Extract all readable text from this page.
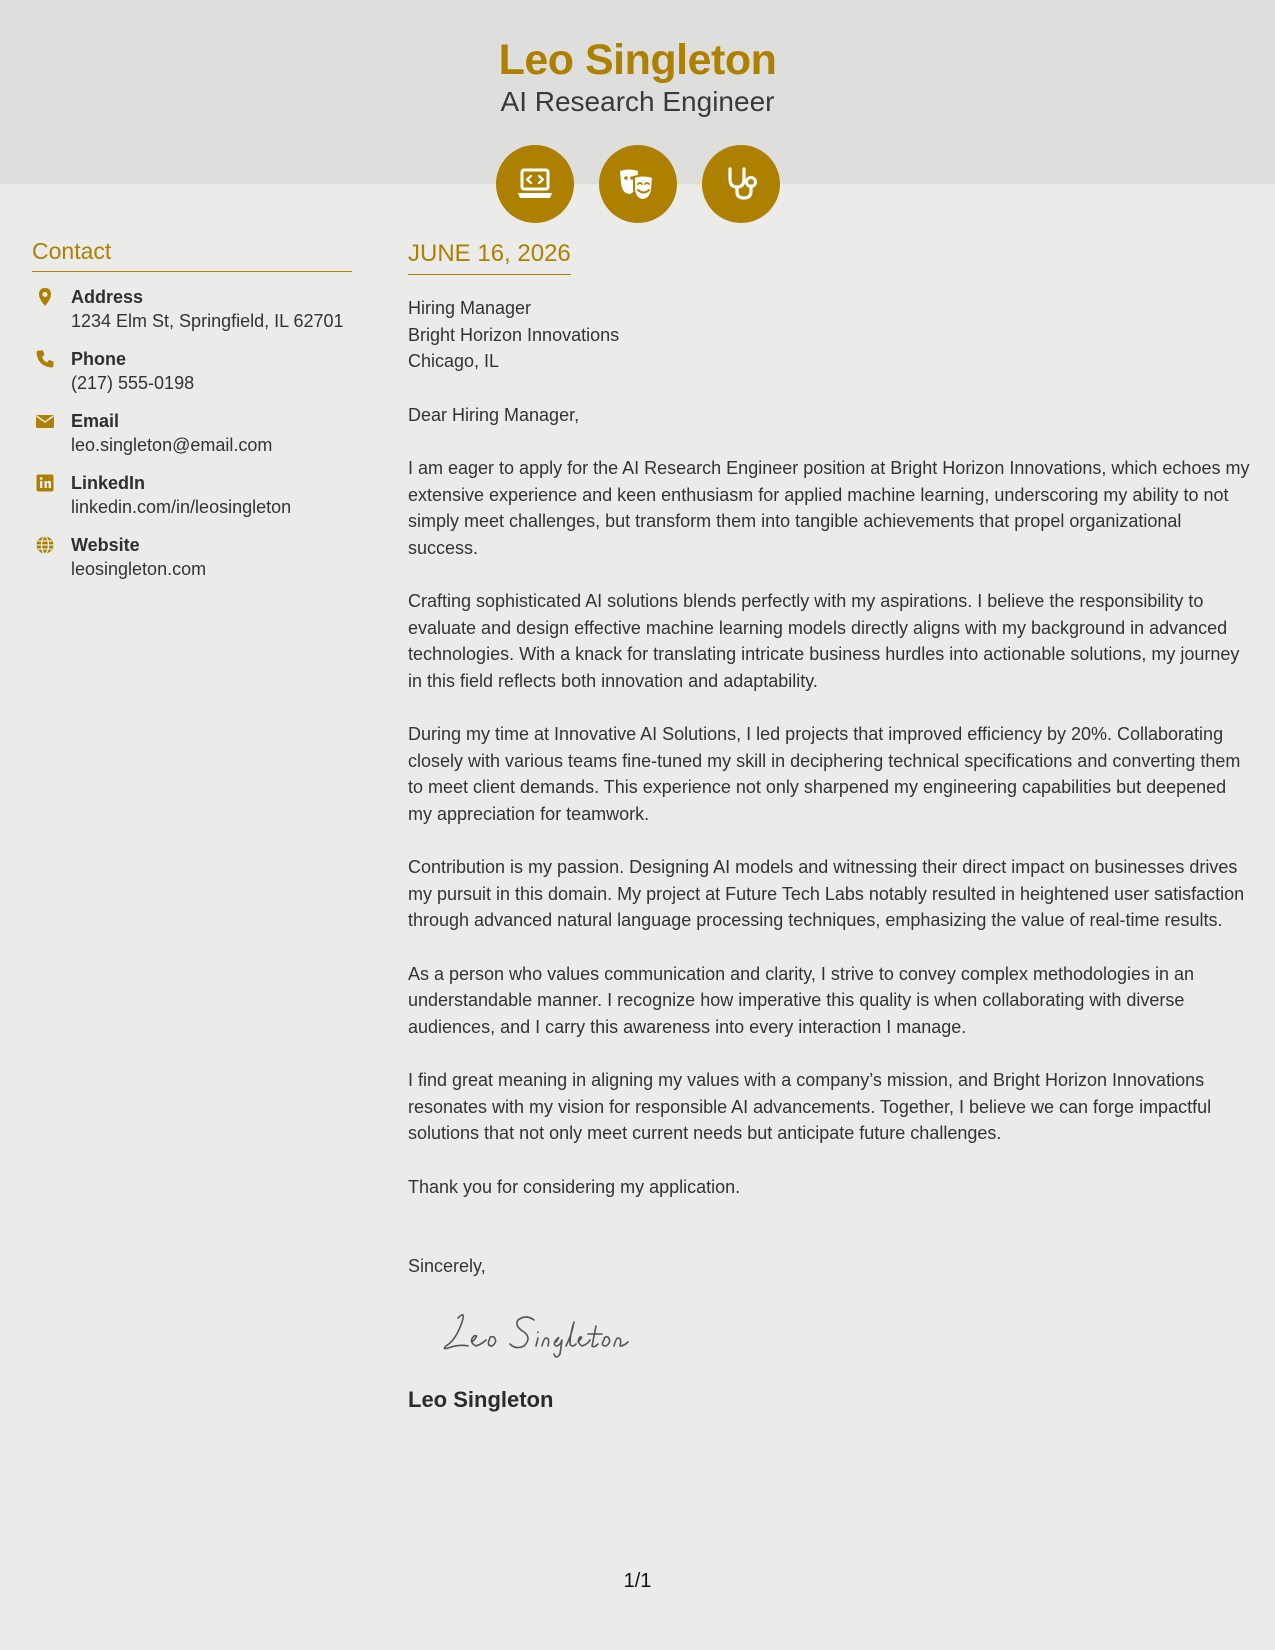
Leo Singleton
AI Research Engineer
Contact
Address
1234 Elm St, Springfield, IL 62701
Phone
(217) 555-0198
Email
leo.singleton@email.com
LinkedIn
linkedin.com/in/leosingleton
Website
leosingleton.com
JUNE 16, 2026
Hiring Manager
Bright Horizon Innovations
Chicago, IL
Dear Hiring Manager,

I am eager to apply for the AI Research Engineer position at Bright Horizon Innovations, which echoes my extensive experience and keen enthusiasm for applied machine learning, underscoring my ability to not simply meet challenges, but transform them into tangible achievements that propel organizational success.

Crafting sophisticated AI solutions blends perfectly with my aspirations. I believe the responsibility to evaluate and design effective machine learning models directly aligns with my background in advanced technologies. With a knack for translating intricate business hurdles into actionable solutions, my journey in this field reflects both innovation and adaptability.

During my time at Innovative AI Solutions, I led projects that improved efficiency by 20%. Collaborating closely with various teams fine-tuned my skill in deciphering technical specifications and converting them to meet client demands. This experience not only sharpened my engineering capabilities but deepened my appreciation for teamwork.

Contribution is my passion. Designing AI models and witnessing their direct impact on businesses drives my pursuit in this domain. My project at Future Tech Labs notably resulted in heightened user satisfaction through advanced natural language processing techniques, emphasizing the value of real-time results.

As a person who values communication and clarity, I strive to convey complex methodologies in an understandable manner. I recognize how imperative this quality is when collaborating with diverse audiences, and I carry this awareness into every interaction I manage.

I find great meaning in aligning my values with a company’s mission, and Bright Horizon Innovations resonates with my vision for responsible AI advancements. Together, I believe we can forge impactful solutions that not only meet current needs but anticipate future challenges.

Thank you for considering my application.

Sincerely,
Leo Singleton
1/1
